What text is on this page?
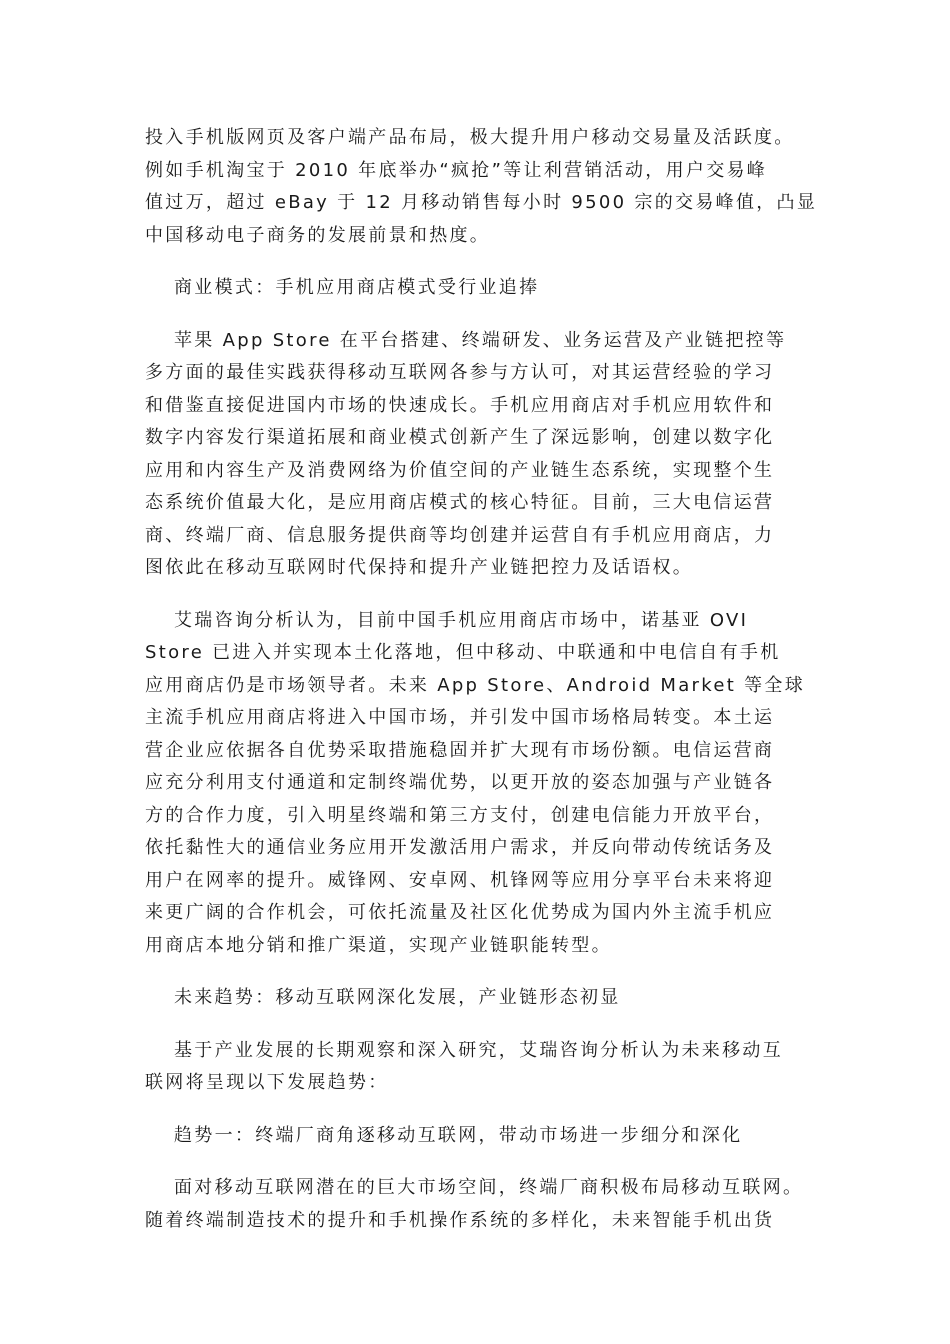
投入手机版网页及客户端产品布局，极大提升用户移动交易量及活跃度。
例如手机淘宝于 2010 年底举办“疯抢”等让利营销活动，用户交易峰
值过万，超过 eBay 于 12 月移动销售每小时 9500 宗的交易峰值，凸显
中国移动电子商务的发展前景和热度。
商业模式：手机应用商店模式受行业追捧
苹果 App Store 在平台搭建、终端研发、业务运营及产业链把控等
多方面的最佳实践获得移动互联网各参与方认可，对其运营经验的学习
和借鉴直接促进国内市场的快速成长。手机应用商店对手机应用软件和
数字内容发行渠道拓展和商业模式创新产生了深远影响，创建以数字化
应用和内容生产及消费网络为价值空间的产业链生态系统，实现整个生
态系统价值最大化，是应用商店模式的核心特征。目前，三大电信运营
商、终端厂商、信息服务提供商等均创建并运营自有手机应用商店，力
图依此在移动互联网时代保持和提升产业链把控力及话语权。
艾瑞咨询分析认为，目前中国手机应用商店市场中，诺基亚 OVI
Store 已进入并实现本土化落地，但中移动、中联通和中电信自有手机
应用商店仍是市场领导者。未来 App Store、Android Market 等全球
主流手机应用商店将进入中国市场，并引发中国市场格局转变。本土运
营企业应依据各自优势采取措施稳固并扩大现有市场份额。电信运营商
应充分利用支付通道和定制终端优势，以更开放的姿态加强与产业链各
方的合作力度，引入明星终端和第三方支付，创建电信能力开放平台，
依托黏性大的通信业务应用开发激活用户需求，并反向带动传统话务及
用户在网率的提升。威锋网、安卓网、机锋网等应用分享平台未来将迎
来更广阔的合作机会，可依托流量及社区化优势成为国内外主流手机应
用商店本地分销和推广渠道，实现产业链职能转型。
未来趋势：移动互联网深化发展，产业链形态初显
基于产业发展的长期观察和深入研究，艾瑞咨询分析认为未来移动互
联网将呈现以下发展趋势：
趋势一：终端厂商角逐移动互联网，带动市场进一步细分和深化
面对移动互联网潜在的巨大市场空间，终端厂商积极布局移动互联网。
随着终端制造技术的提升和手机操作系统的多样化，未来智能手机出货
